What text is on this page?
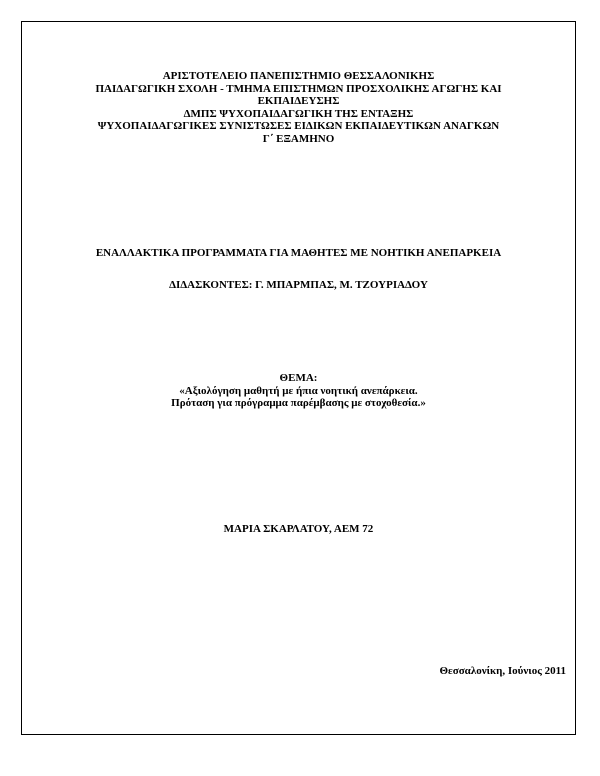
ΑΡΙΣΤΟΤΕΛΕΙΟ ΠΑΝΕΠΙΣΤΗΜΙΟ ΘΕΣΣΑΛΟΝΙΚΗΣ
ΠΑΙΔΑΓΩΓΙΚΗ ΣΧΟΛΗ - ΤΜΗΜΑ ΕΠΙΣΤΗΜΩΝ ΠΡΟΣΧΟΛΙΚΗΣ ΑΓΩΓΗΣ ΚΑΙ
ΕΚΠΑΙΔΕΥΣΗΣ
ΔΜΠΣ ΨΥΧΟΠΑΙΔΑΓΩΓΙΚΗ ΤΗΣ ΕΝΤΑΞΗΣ
ΨΥΧΟΠΑΙΔΑΓΩΓΙΚΕΣ ΣΥΝΙΣΤΩΣΕΣ ΕΙΔΙΚΩΝ ΕΚΠΑΙΔΕΥΤΙΚΩΝ ΑΝΑΓΚΩΝ
Γ΄ ΕΞΑΜΗΝΟ
ΕΝΑΛΛΑΚΤΙΚΑ ΠΡΟΓΡΑΜΜΑΤΑ ΓΙΑ ΜΑΘΗΤΕΣ ΜΕ ΝΟΗΤΙΚΗ ΑΝΕΠΑΡΚΕΙΑ
ΔΙΔΑΣΚΟΝΤΕΣ: Γ. ΜΠΑΡΜΠΑΣ, Μ. ΤΖΟΥΡΙΑΔΟΥ
ΘΕΜΑ:
«Αξιολόγηση μαθητή με ήπια νοητική ανεπάρκεια.
Πρόταση για πρόγραμμα παρέμβασης με στοχοθεσία.»
ΜΑΡΙΑ ΣΚΑΡΛΑΤΟΥ, ΑΕΜ 72
Θεσσαλονίκη, Ιούνιος 2011
